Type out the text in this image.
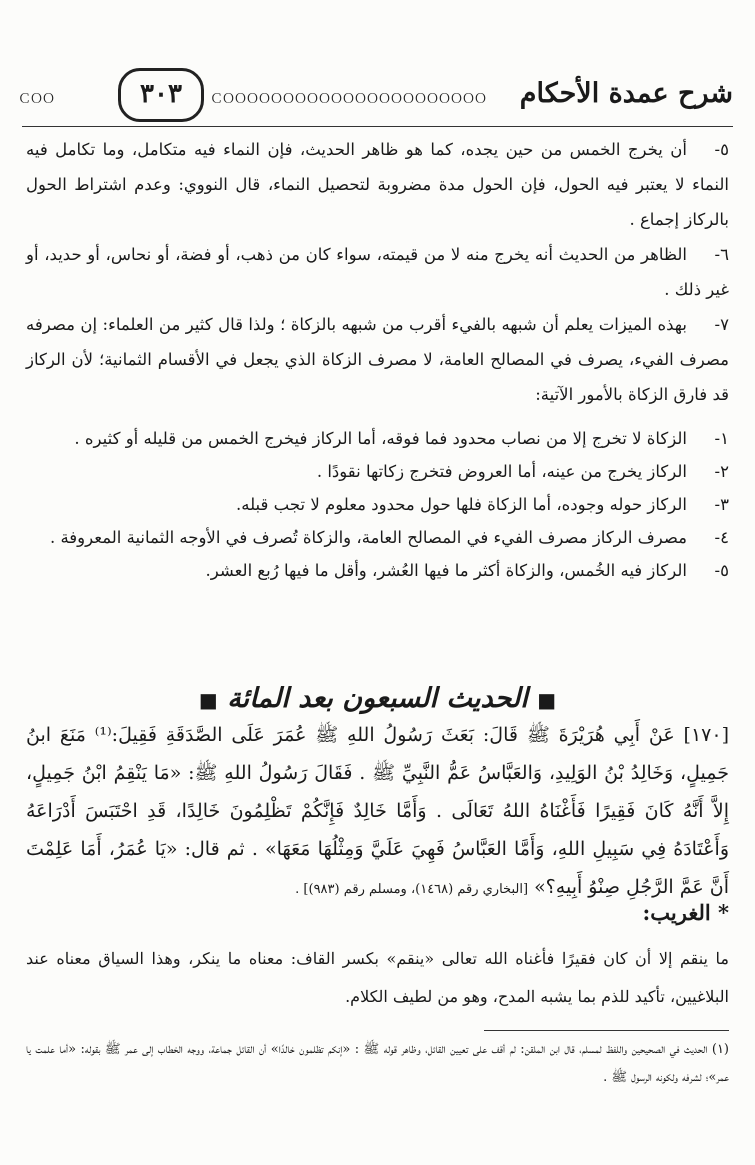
شرح عمدة الأحكام
ＣＯＯＯＯＯＯＯＯＯＯＯＯＯＯＯＯＯＯＯＯＯＯ
٣٠٣
ＣＯＯ

٥-أن يخرج الخمس من حين يجده، كما هو ظاهر الحديث، فإن النماء فيه متكامل، وما تكامل فيه النماء لا يعتبر فيه الحول، فإن الحول مدة مضروبة لتحصيل النماء، قال النووي: وعدم اشتراط الحول بالركاز إجماع .

٦-الظاهر من الحديث أنه يخرج منه لا من قيمته، سواء كان من ذهب، أو فضة، أو نحاس، أو حديد، أو غير ذلك .

٧-بهذه الميزات يعلم أن شبهه بالفيء أقرب من شبهه بالزكاة ؛ ولذا قال كثير من العلماء: إن مصرفه مصرف الفيء، يصرف في المصالح العامة، لا مصرف الزكاة الذي يجعل في الأقسام الثمانية؛ لأن الركاز قد فارق الزكاة بالأمور الآتية:

١-الزكاة لا تخرج إلا من نصاب محدود فما فوقه، أما الركاز فيخرج الخمس من قليله أو كثيره .

٢-الركاز يخرج من عينه، أما العروض فتخرج زكاتها نقودًا .

٣-الركاز حوله وجوده، أما الزكاة فلها حول محدود معلوم لا تجب قبله.

٤-مصرف الركاز مصرف الفيء في المصالح العامة، والزكاة تُصرف في الأوجه الثمانية المعروفة .

٥-الركاز فيه الخُمس، والزكاة أكثر ما فيها العُشر، وأقل ما فيها رُبع العشر.

■ الحديث السبعون بعد المائة ■
[١٧٠] عَنْ أَبِي هُرَيْرَةَ ﷺ قَالَ: بَعَثَ رَسُولُ اللهِ ﷺ عُمَرَ عَلَى الصَّدَقَةِ فَقِيلَ:⁽¹⁾ مَنَعَ ابنُ جَمِيلٍ، وَخَالِدُ بْنُ الوَلِيدِ، وَالعَبَّاسُ عَمُّ النَّبِيِّ ﷺ . فَقَالَ رَسُولُ اللهِ ﷺ: «مَا يَنْقِمُ ابْنُ جَمِيلٍ، إِلاَّ أَنَّهُ كَانَ فَقِيرًا فَأَغْنَاهُ اللهُ تَعَالَى . وَأَمَّا خَالِدٌ فَإِنَّكُمْ تَظْلِمُونَ خَالِدًا، قَدِ احْتَبَسَ أَدْرَاعَهُ وَأَعْتَادَهُ فِي سَبِيلِ اللهِ، وَأَمَّا العَبَّاسُ فَهِيَ عَلَيَّ وَمِثْلُهَا مَعَهَا» . ثم قال: «يَا عُمَرُ، أَمَا عَلِمْتَ أَنَّ عَمَّ الرَّجُلِ صِنْوُ أَبِيهِ؟» [البخاري رقم (١٤٦٨)، ومسلم رقم (٩٨٣)] .
* الغريب:
ما ينقم إلا أن كان فقيرًا فأغناه الله تعالى «ينقم» بكسر القاف: معناه ما ينكر، وهذا السياق معناه عند البلاغيين، تأكيد للذم بما يشبه المدح، وهو من لطيف الكلام.
(١) الحديث في الصحيحين واللفظ لمسلم، قال ابن الملقن: لم أقف على تعيين القائل، وظاهر قوله ﷺ : «إنكم تظلمون خالدًا» أن القائل جماعة، ووجه الخطاب إلى عمر ﷺ بقوله: «أما علمت يا عمر»؛ لشرفه ولكونه الرسول ﷺ .
